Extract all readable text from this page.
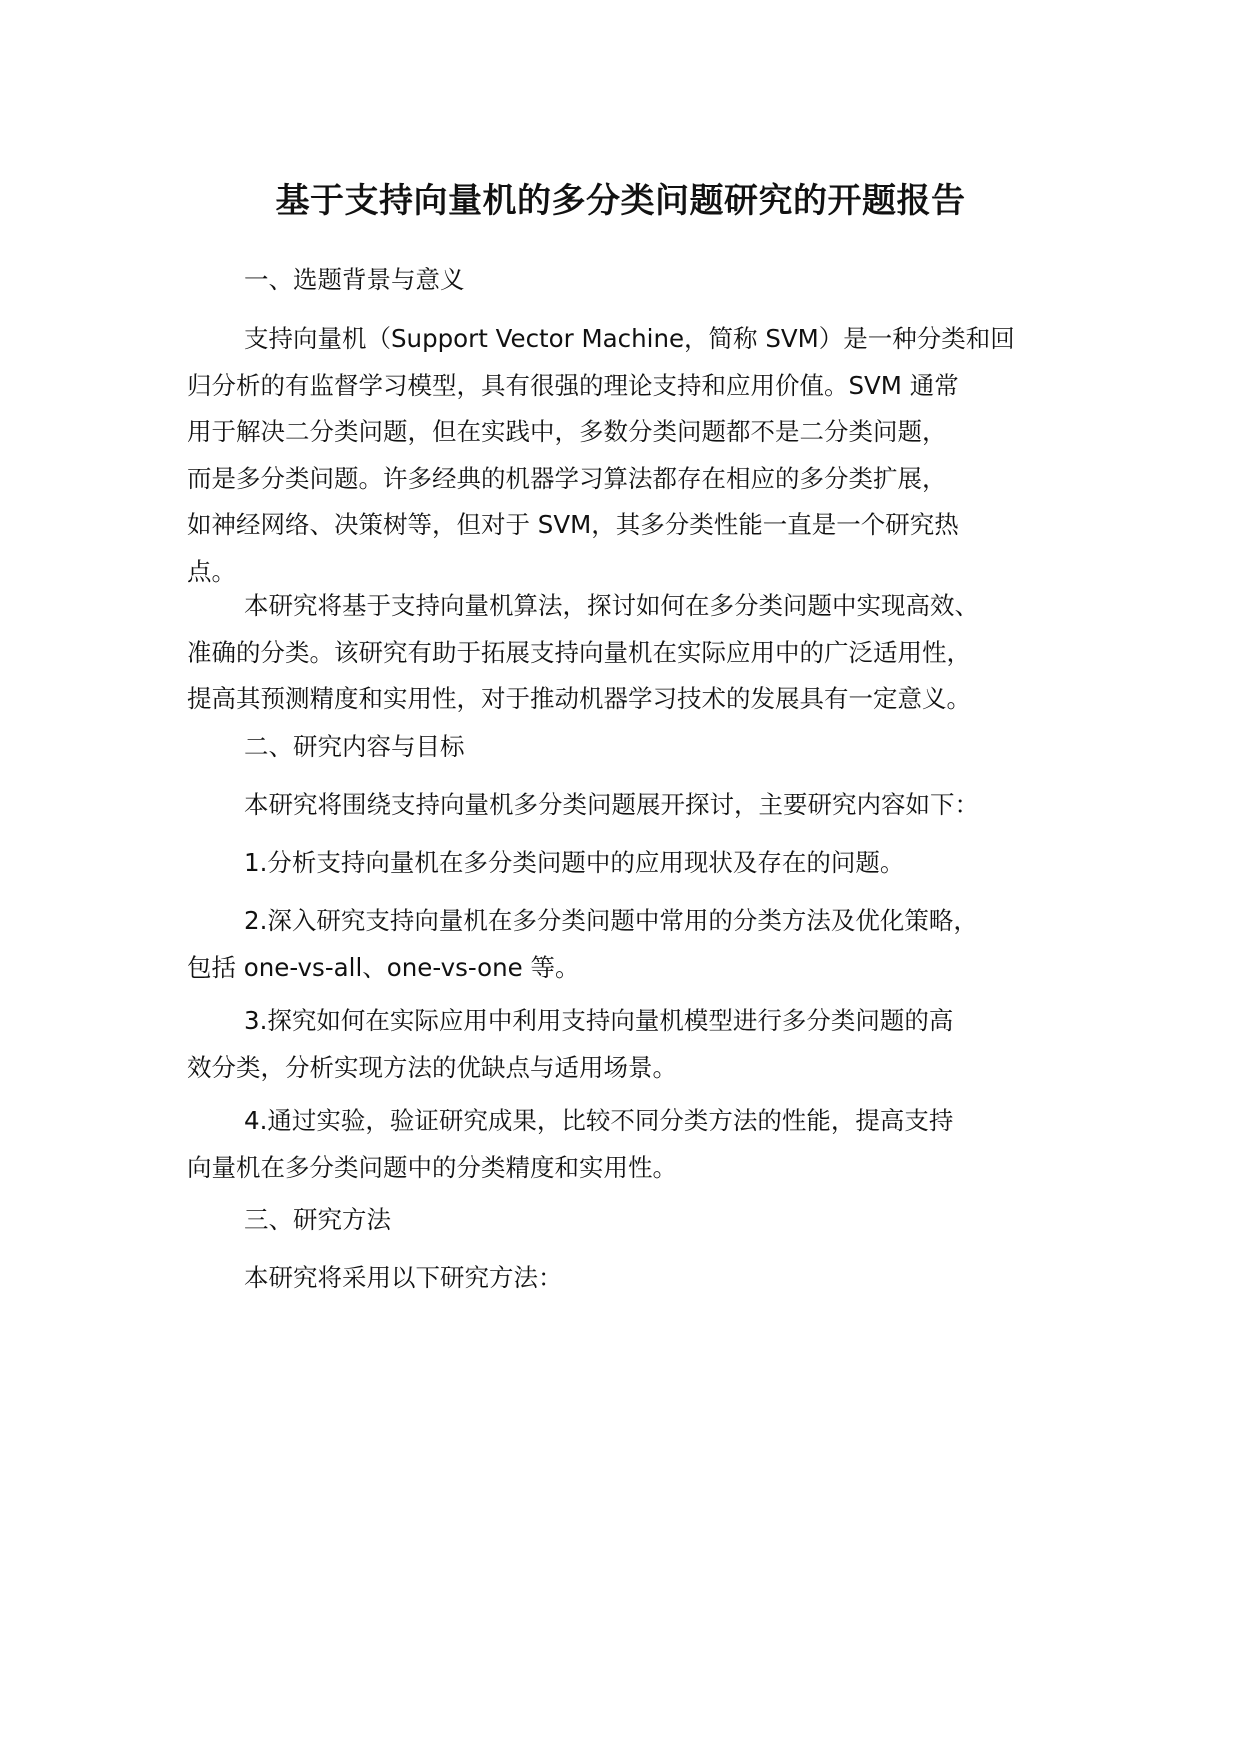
基于支持向量机的多分类问题研究的开题报告
一、选题背景与意义
支持向量机（Support Vector Machine，简称 SVM）是一种分类和回
归分析的有监督学习模型，具有很强的理论支持和应用价值。SVM 通常
用于解决二分类问题，但在实践中，多数分类问题都不是二分类问题，
而是多分类问题。许多经典的机器学习算法都存在相应的多分类扩展，
如神经网络、决策树等，但对于 SVM，其多分类性能一直是一个研究热
点。
本研究将基于支持向量机算法，探讨如何在多分类问题中实现高效、
准确的分类。该研究有助于拓展支持向量机在实际应用中的广泛适用性，
提高其预测精度和实用性，对于推动机器学习技术的发展具有一定意义。
二、研究内容与目标
本研究将围绕支持向量机多分类问题展开探讨，主要研究内容如下：
1.分析支持向量机在多分类问题中的应用现状及存在的问题。
2.深入研究支持向量机在多分类问题中常用的分类方法及优化策略，
包括 one-vs-all、one-vs-one 等。
3.探究如何在实际应用中利用支持向量机模型进行多分类问题的高
效分类，分析实现方法的优缺点与适用场景。
4.通过实验，验证研究成果，比较不同分类方法的性能，提高支持
向量机在多分类问题中的分类精度和实用性。
三、研究方法
本研究将采用以下研究方法：
